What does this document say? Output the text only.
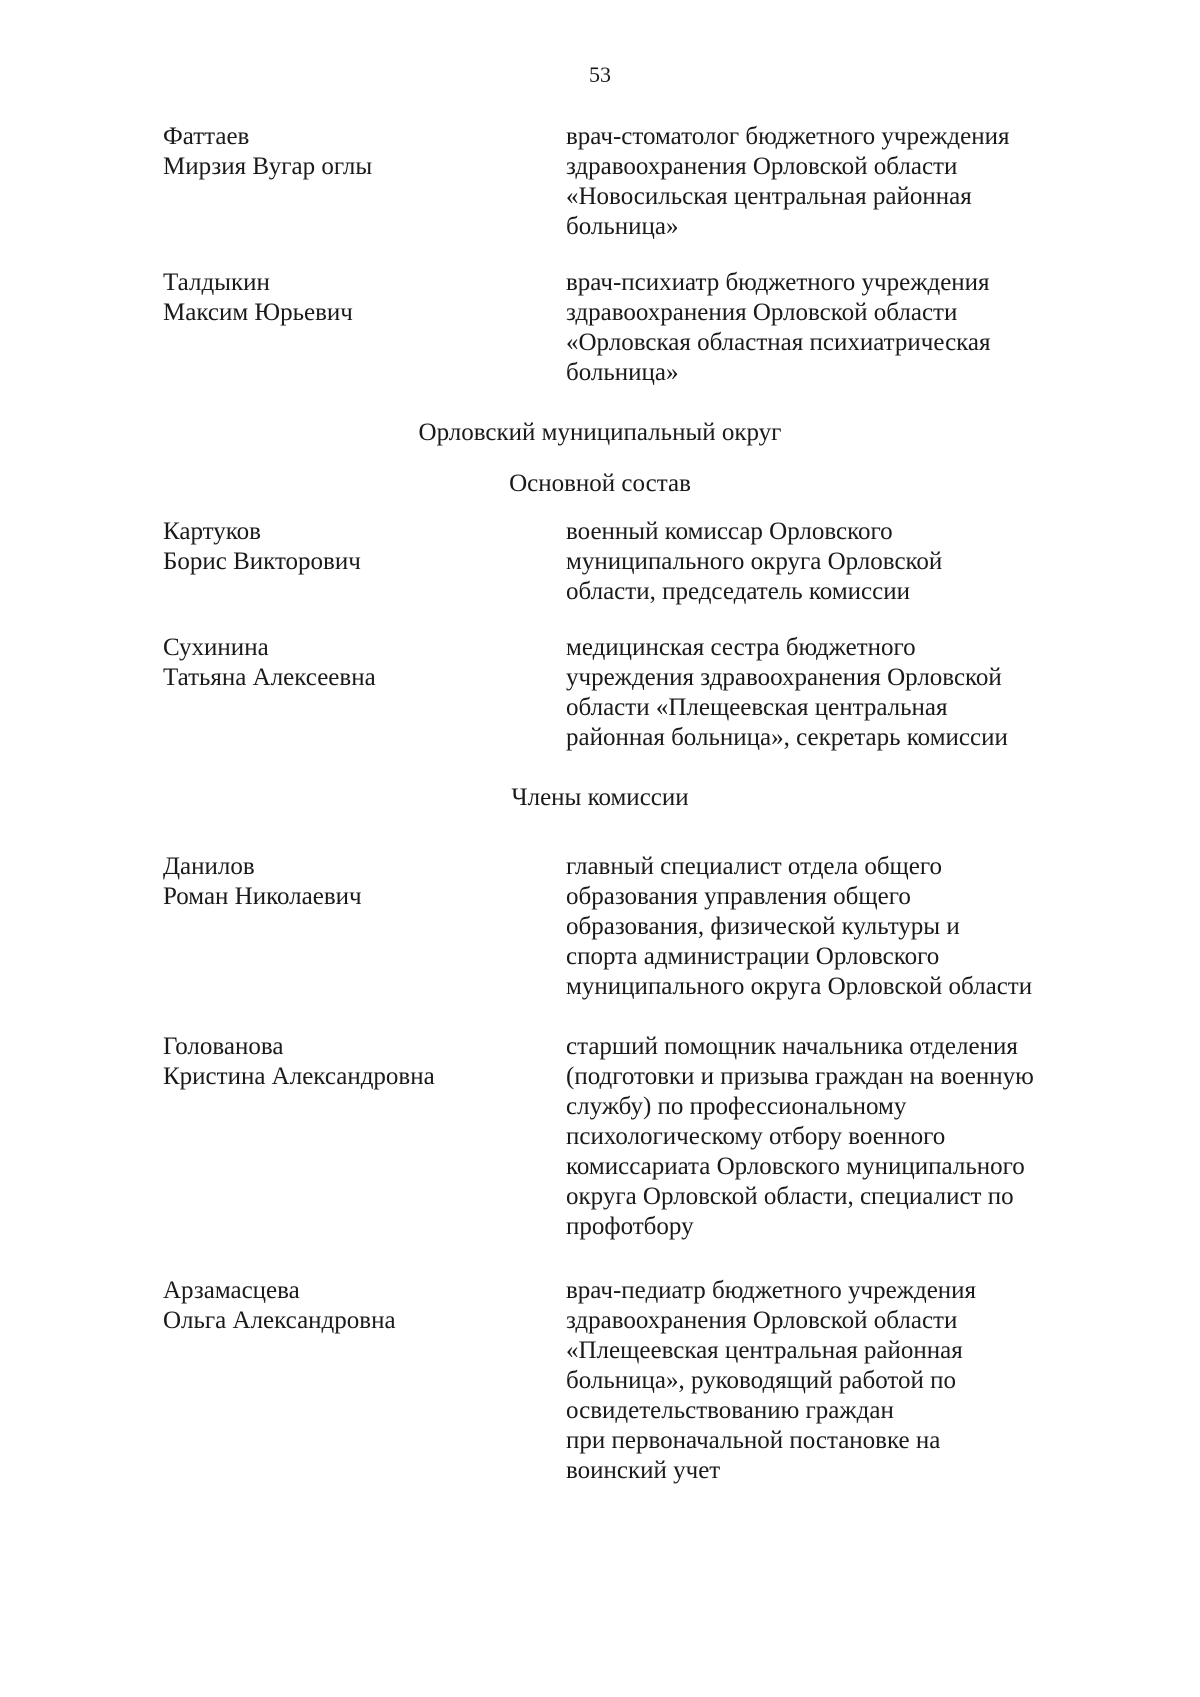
53
Фаттаев
Мирзия Вугар оглы
врач-стоматолог бюджетного учреждения
здравоохранения Орловской области
«Новосильская центральная районная
больница»
Талдыкин
Максим Юрьевич
врач-психиатр бюджетного учреждения
здравоохранения Орловской области
«Орловская областная психиатрическая
больница»
Орловский муниципальный округ
Основной состав
Картуков
Борис Викторович
военный комиссар Орловского
муниципального округа Орловской
области, председатель комиссии
Сухинина
Татьяна Алексеевна
медицинская сестра бюджетного
учреждения здравоохранения Орловской
области «Плещеевская центральная
районная больница», секретарь комиссии
Члены комиссии
Данилов
Роман Николаевич
главный специалист отдела общего
образования управления общего
образования, физической культуры и
спорта администрации Орловского
муниципального округа Орловской области
Голованова
Кристина Александровна
старший помощник начальника отделения
(подготовки и призыва граждан на военную
службу) по профессиональному
психологическому отбору военного
комиссариата Орловского муниципального
округа Орловской области, специалист по
профотбору
Арзамасцева
Ольга Александровна
врач-педиатр бюджетного учреждения
здравоохранения Орловской области
«Плещеевская центральная районная
больница», руководящий работой по
освидетельствованию граждан
при первоначальной постановке на
воинский учет
